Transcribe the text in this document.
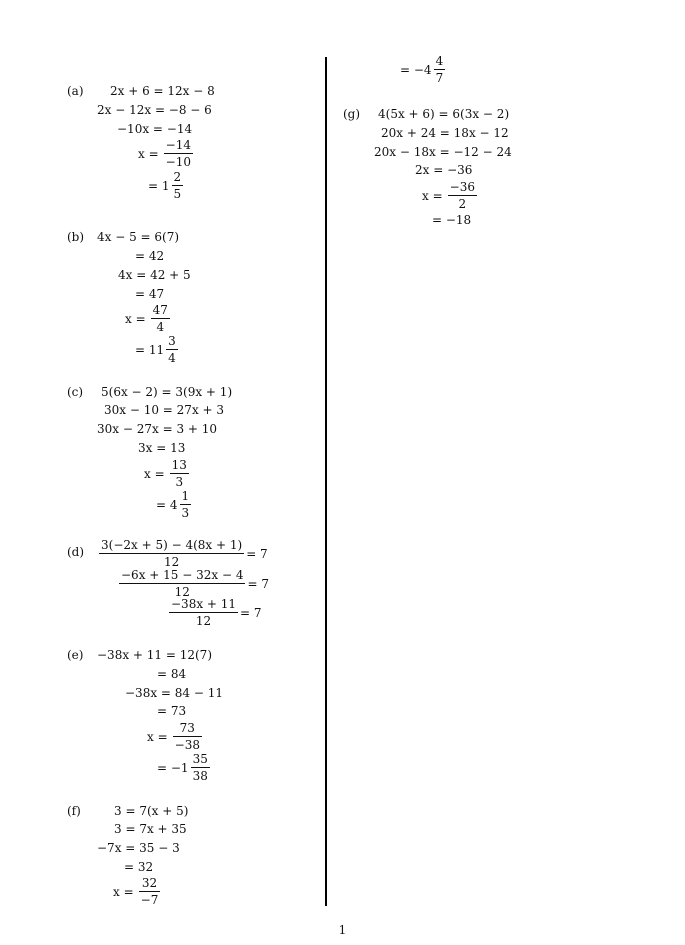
(a) 2x + 6 = 12x − 8
2x − 12x = −8 − 6
−10x = −14
$x = \frac{-14}{-10}$
= $1 \frac{2}{5}$
(b) 4x − 5 = 6(7)
= 42
4x = 42 + 5
= 47
$x = \frac{47}{4}$
= $11 \frac{3}{4}$
(c) 5(6x − 2) = 3(9x + 1)
30x − 10 = 27x + 3
30x − 27x = 3 + 10
3x = 13
$x = \frac{13}{3}$
= $4 \frac{1}{3}$
$(d) \frac{3(-2x + 5) - 4(8x + 1)}{12} = 7$
$\frac{-6x + 15 - 32x - 4}{12} = 7$
$\frac{-38x + 11}{12} = 7$
(e) −38x + 11 = 12(7)
= 84
−38x = 84 − 11
= 73
$x = \frac{73}{-38}$
= $-1 \frac{35}{38}$
(f)	3 = 7(x + 5)
3 = 7x + 35
−7x = 35 − 3
= 32
$x = \frac{32}{-7}$
= $-4 \frac{4}{7}$
(g) 4(5x + 6) = 6(3x − 2)
20x + 24 = 18x − 12
20x − 18x = −12 − 24
2x = −36
$x = \frac{-36}{2}$
= −18
1
